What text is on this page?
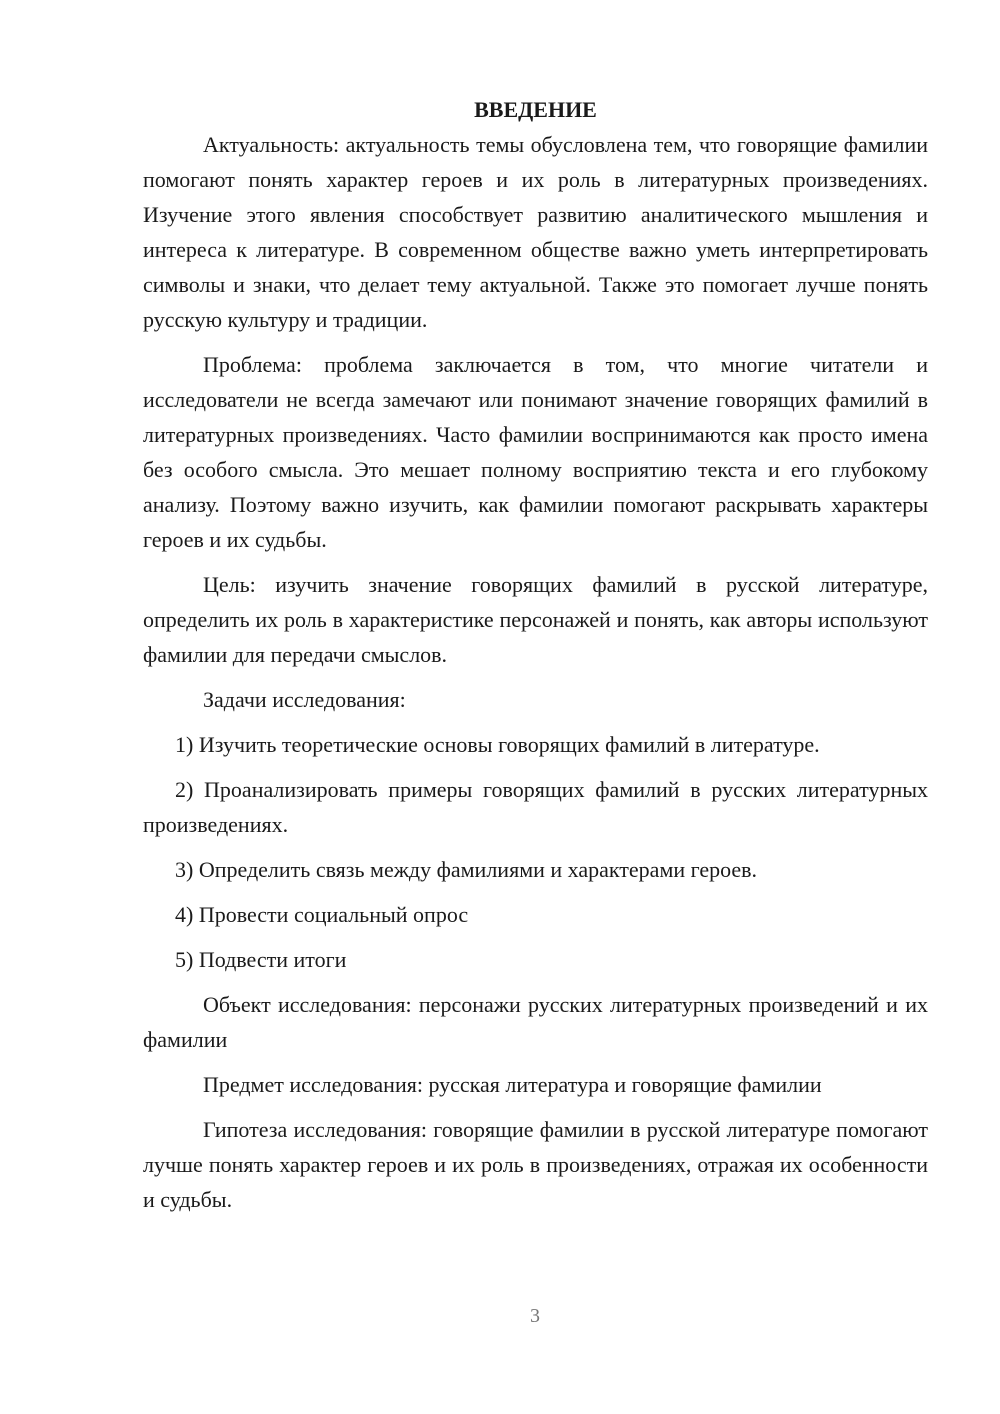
ВВЕДЕНИЕ

Актуальность: актуальность темы обусловлена тем, что говорящие фамилии помогают понять характер героев и их роль в литературных произведениях. Изучение этого явления способствует развитию аналитического мышления и интереса к литературе. В современном обществе важно уметь интерпретировать символы и знаки, что делает тему актуальной. Также это помогает лучше понять русскую культуру и традиции.

Проблема: проблема заключается в том, что многие читатели и исследователи не всегда замечают или понимают значение говорящих фамилий в литературных произведениях. Часто фамилии воспринимаются как просто имена без особого смысла. Это мешает полному восприятию текста и его глубокому анализу. Поэтому важно изучить, как фамилии помогают раскрывать характеры героев и их судьбы.

Цель: изучить значение говорящих фамилий в русской литературе, определить их роль в характеристике персонажей и понять, как авторы используют фамилии для передачи смыслов.

Задачи исследования:

1) Изучить теоретические основы говорящих фамилий в литературе.

2) Проанализировать примеры говорящих фамилий в русских литературных произведениях.

3) Определить связь между фамилиями и характерами героев.

4) Провести социальный опрос

5) Подвести итоги

Объект исследования: персонажи русских литературных произведений и их фамилии

Предмет исследования: русская литература и говорящие фамилии

Гипотеза исследования: говорящие фамилии в русской литературе помогают лучше понять характер героев и их роль в произведениях, отражая их особенности и судьбы.

3
